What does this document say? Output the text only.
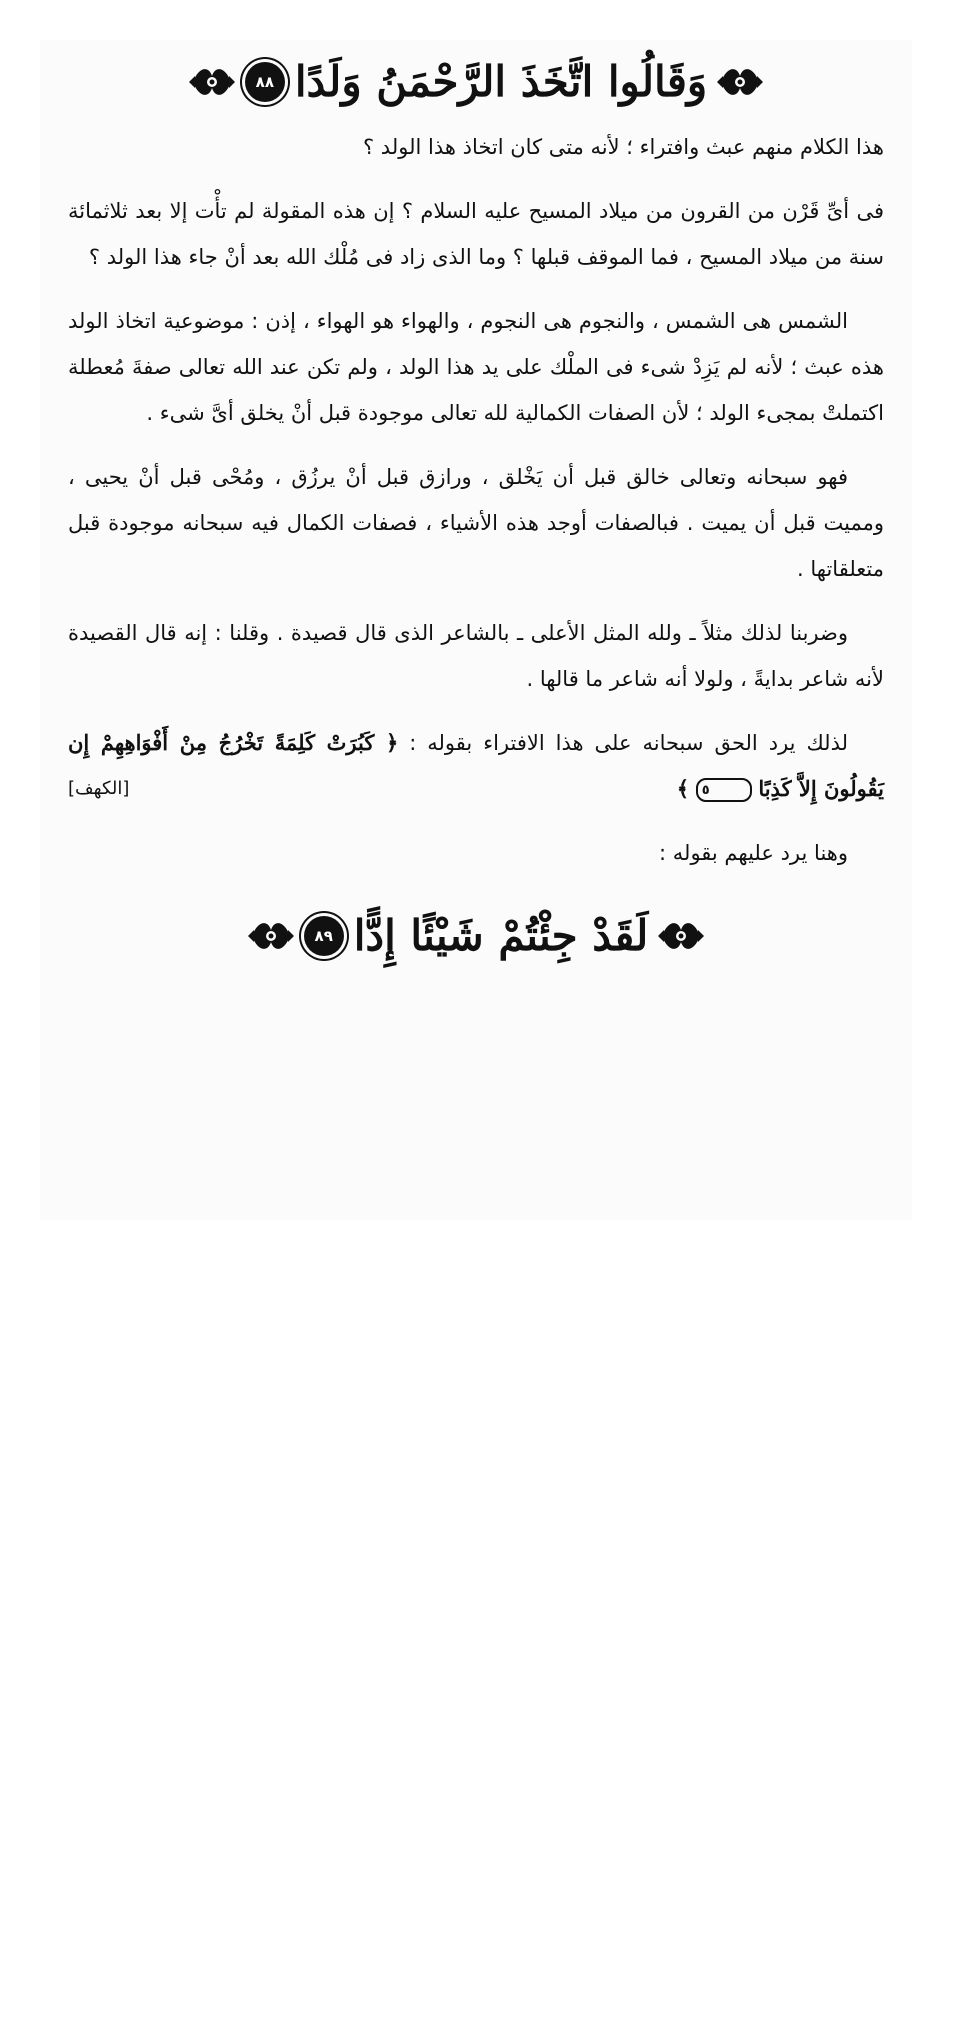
وَقَالُوا اتَّخَذَ الرَّحْمَنُ وَلَدًا
٨٨

هذا الكلام منهم عبث وافتراء ؛ لأنه متى كان اتخاذ هذا الولد ؟

فى أىِّ قَرْن من القرون من ميلاد المسيح عليه السلام ؟ إن هذه المقولة لم تأْت إلا بعد ثلاثمائة سنة من ميلاد المسيح ، فما الموقف قبلها ؟ وما الذى زاد فى مُلْك الله بعد أنْ جاء هذا الولد ؟

الشمس هى الشمس ، والنجوم هى النجوم ، والهواء هو الهواء ، إذن : موضوعية اتخاذ الولد هذه عبث ؛ لأنه لم يَزِدْ شىء فى الملْك على يد هذا الولد ، ولم تكن عند الله تعالى صفةَ مُعطلة اكتملتْ بمجىء الولد ؛ لأن الصفات الكمالية لله تعالى موجودة قبل أنْ يخلق أىَّ شىء .

فهو سبحانه وتعالى خالق قبل أن يَخْلق ، ورازق قبل أنْ يرزُق ، ومُحْى قبل أنْ يحيى ، ومميت قبل أن يميت . فبالصفات أوجد هذه الأشياء ، فصفات الكمال فيه سبحانه موجودة قبل متعلقاتها .

وضربنا لذلك مثلاً ـ ولله المثل الأعلى ـ بالشاعر الذى قال قصيدة . وقلنا : إنه قال القصيدة لأنه شاعر بدايةً ، ولولا أنه شاعر ما قالها .

لذلك يرد الحق سبحانه على هذا الافتراء بقوله : ﴿ كَبُرَتْ كَلِمَةً تَخْرُجُ مِنْ أَفْوَاهِهِمْ إِن يَقُولُونَ إِلاَّ كَذِبًا ٥ ﴾
[الكهف]

وهنا يرد عليهم بقوله :

لَقَدْ جِئْتُمْ شَيْئًا إِدًّا
٨٩
